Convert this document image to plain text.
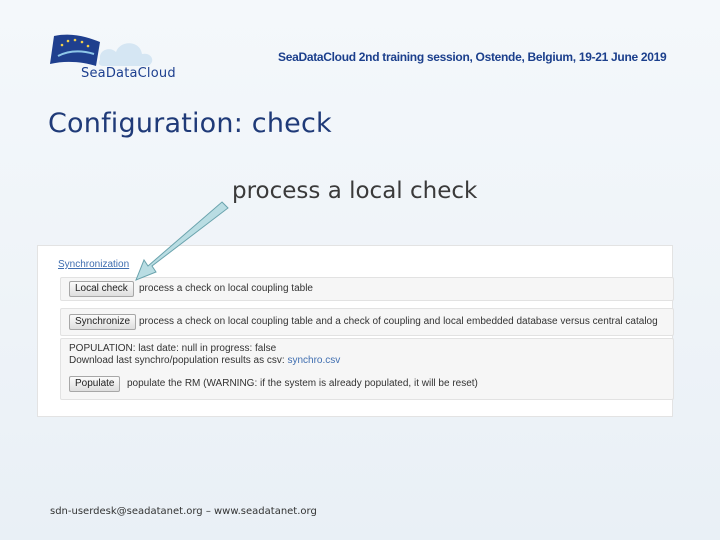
SeaDataCloud
SeaDataCloud 2nd training session, Ostende, Belgium, 19-21 June 2019
Configuration: check
process a local check
Synchronization
Local check	process a check on local coupling table
Synchronize process a check on local coupling table and a check of coupling and local embedded database versus central catalog
POPULATION: last date: null in progress: false
Download last synchro/population results as csv: synchro.csv
Populate	populate the RM (WARNING: if the system is already populated, it will be reset)
sdn-userdesk@seadatanet.org – www.seadatanet.org
